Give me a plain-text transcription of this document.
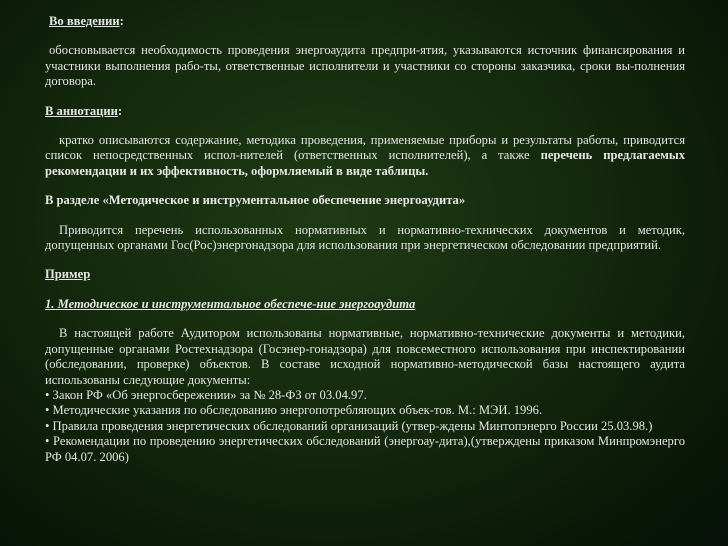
Во введении:

обосновывается необходимость проведения энергоаудита предпри-ятия, указываются источник финансирования и участники выполнения рабо-ты, ответственные исполнители и участники со стороны заказчика, сроки вы-полнения договора.

В аннотации:

кратко описываются содержание, методика проведения, применяемые приборы и результаты работы, приводится список непосредственных испол-нителей (ответственных исполнителей), а также перечень предлагаемых рекомендации и их эффективность, оформляемый в виде таблицы.

В разделе «Методическое и инструментальное обеспечение энергоаудита»

Приводится перечень использованных нормативных и нормативно-технических документов и методик, допущенных органами Гос(Рос)энергонадзора для использования при энергетическом обследовании предприятий.

Пример

1. Методическое и инструментальное обеспече-ние энергоаудита

В настоящей работе Аудитором использованы нормативные, нормативно-технические документы и методики, допущенные органами Ростехнадзора (Госэнер-гонадзора) для повсеместного использования при инспектировании (обследовании, проверке) объектов. В составе исходной нормативно-методической базы настоящего аудита использованы следующие документы:

• Закон РФ «Об энергосбережении» за № 28-ФЗ от 03.04.97.

• Методические указания по обследованию энергопотребляющих объек-тов. М.: МЭИ. 1996.

• Правила проведения энергетических обследований организаций (утвер-ждены Минтопэнерго России 25.03.98.)

• Рекомендации по проведению энергетических обследований (энергоау-дита),(утверждены приказом Минпромэнерго РФ 04.07. 2006)
